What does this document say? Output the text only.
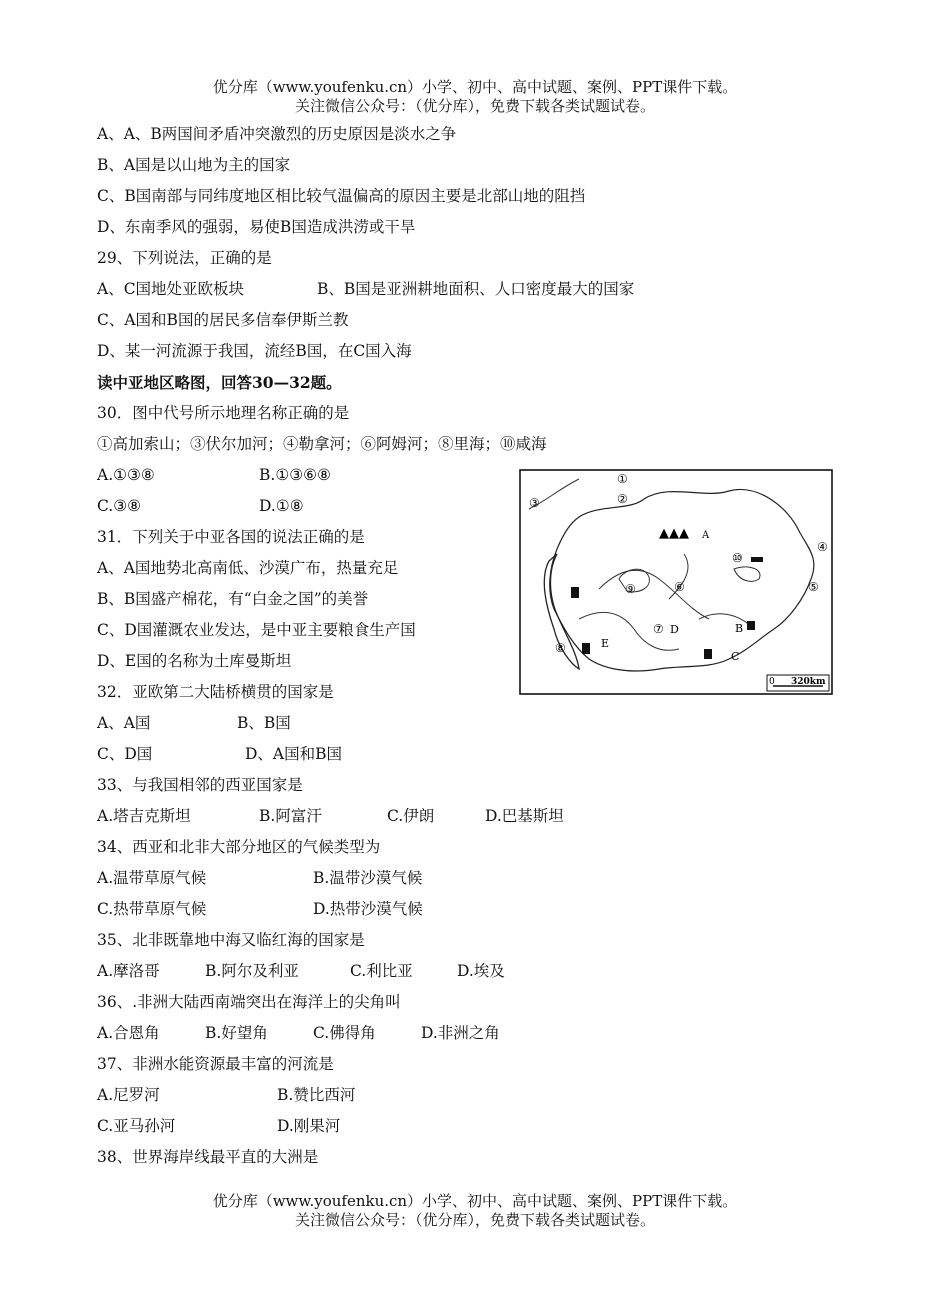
优分库（www.youfenku.cn）小学、初中、高中试题、案例、PPT课件下载。
关注微信公众号：（优分库），免费下载各类试题试卷。
A、A、B两国间矛盾冲突激烈的历史原因是淡水之争
B、A国是以山地为主的国家
C、B国南部与同纬度地区相比较气温偏高的原因主要是北部山地的阻挡
D、东南季风的强弱，易使B国造成洪涝或干旱
29、下列说法，正确的是
A、C国地处亚欧板块	B、B国是亚洲耕地面积、人口密度最大的国家
C、A国和B国的居民多信奉伊斯兰教
D、某一河流源于我国，流经B国，在C国入海
读中亚地区略图，回答30—32题。
30．图中代号所示地理名称正确的是
①高加索山；③伏尔加河；④勒拿河；⑥阿姆河；⑧里海；⑩咸海
A.①③⑧	B.①③⑥⑧
C.③⑧	D.①⑧
31．下列关于中亚各国的说法正确的是
A、A国地势北高南低、沙漠广布，热量充足
B、B国盛产棉花，有“白金之国”的美誉
C、D国灌溉农业发达，是中亚主要粮食生产国
D、E国的名称为土库曼斯坦
32．亚欧第二大陆桥横贯的国家是
A、A国	B、B国
C、D国	D、A国和B国
33、与我国相邻的西亚国家是
A.塔吉克斯坦	B.阿富汗	C.伊朗	D.巴基斯坦
34、西亚和北非大部分地区的气候类型为
A.温带草原气候	B.温带沙漠气候
C.热带草原气候	D.热带沙漠气候
35、北非既靠地中海又临红海的国家是
A.摩洛哥	B.阿尔及利亚	C.利比亚	D.埃及
36、.非洲大陆西南端突出在海洋上的尖角叫
A.合恩角	B.好望角	C.佛得角	D.非洲之角
37、非洲水能资源最丰富的河流是
A.尼罗河	B.赞比西河
C.亚马孙河	D.刚果河
38、世界海岸线最平直的大洲是
▲▲▲
①
②
③
④
⑤
⑥
⑦
⑧
⑨
⑩
A
B
C
D
E
0 320km
优分库（www.youfenku.cn）小学、初中、高中试题、案例、PPT课件下载。
关注微信公众号：（优分库），免费下载各类试题试卷。
